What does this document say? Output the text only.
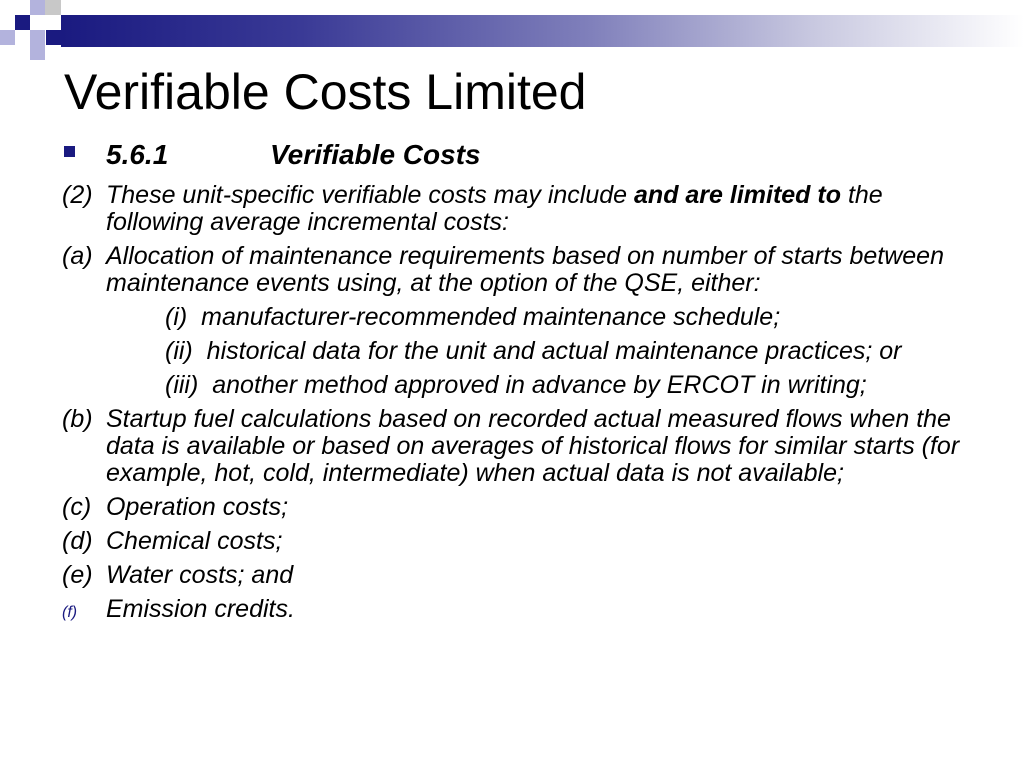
Verifiable Costs Limited
5.6.1	Verifiable Costs
(2) These unit-specific verifiable costs may include and are limited to the following average incremental costs:
(a) Allocation of maintenance requirements based on number of starts between maintenance events using, at the option of the QSE, either:
(i) manufacturer-recommended maintenance schedule;
(ii) historical data for the unit and actual maintenance practices; or
(iii) another method approved in advance by ERCOT in writing;
(b) Startup fuel calculations based on recorded actual measured flows when the data is available or based on averages of historical flows for similar starts (for example, hot, cold, intermediate) when actual data is not available;
(c) Operation costs;
(d) Chemical costs;
(e) Water costs; and
(f) Emission credits.
